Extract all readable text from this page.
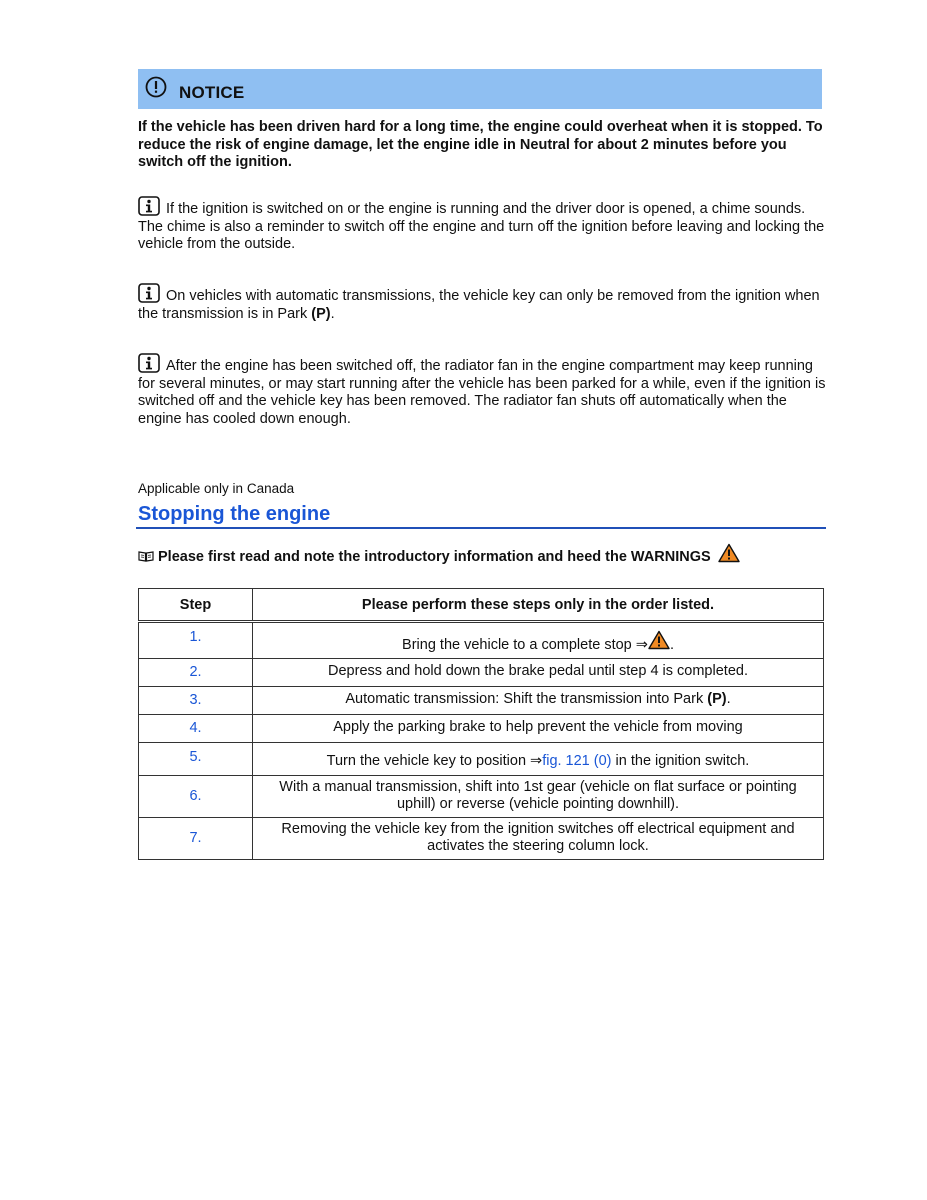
NOTICE
If the vehicle has been driven hard for a long time, the engine could overheat when it is stopped. To reduce the risk of engine damage, let the engine idle in Neutral for about 2 minutes before you switch off the ignition.
If the ignition is switched on or the engine is running and the driver door is opened, a chime sounds. The chime is also a reminder to switch off the engine and turn off the ignition before leaving and locking the vehicle from the outside.
On vehicles with automatic transmissions, the vehicle key can only be removed from the ignition when the transmission is in Park (P).
After the engine has been switched off, the radiator fan in the engine compartment may keep running for several minutes, or may start running after the vehicle has been parked for a while, even if the ignition is switched off and the vehicle key has been removed. The radiator fan shuts off automatically when the engine has cooled down enough.
Applicable only in Canada
Stopping the engine
Please first read and note the introductory information and heed the WARNINGS
Step	Please perform these steps only in the order listed.
1.	Bring the vehicle to a complete stop ⇒ .
2.	Depress and hold down the brake pedal until step 4 is completed.
3.	Automatic transmission: Shift the transmission into Park (P).
4.	Apply the parking brake to help prevent the vehicle from moving
5.	Turn the vehicle key to position ⇒fig. 121 (0) in the ignition switch.
6.	With a manual transmission, shift into 1st gear (vehicle on flat surface or pointing uphill) or reverse (vehicle pointing downhill).
7.	Removing the vehicle key from the ignition switches off electrical equipment and activates the steering column lock.
